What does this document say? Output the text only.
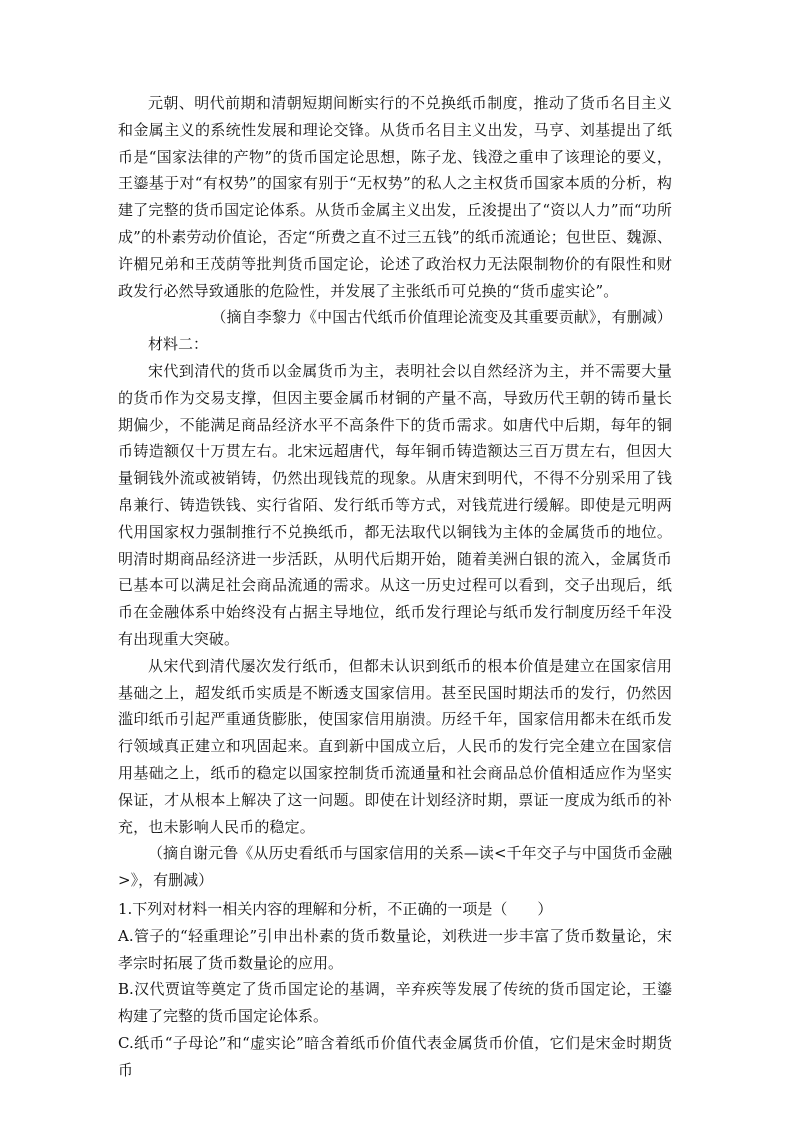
元朝、明代前期和清朝短期间断实行的不兑换纸币制度，推动了货币名目主义和金属主义的系统性发展和理论交锋。从货币名目主义出发，马亨、刘基提出了纸币是“国家法律的产物”的货币国定论思想，陈子龙、钱澄之重申了该理论的要义，王鎏基于对“有权势”的国家有别于“无权势”的私人之主权货币国家本质的分析，构建了完整的货币国定论体系。从货币金属主义出发，丘浚提出了“资以人力”而“功所成”的朴素劳动价值论，否定“所费之直不过三五钱”的纸币流通论；包世臣、魏源、许楣兄弟和王茂荫等批判货币国定论，论述了政治权力无法限制物价的有限性和财政发行必然导致通胀的危险性，并发展了主张纸币可兑换的“货币虚实论”。

（摘自李黎力《中国古代纸币价值理论流变及其重要贡献》，有删减）

材料二：

宋代到清代的货币以金属货币为主，表明社会以自然经济为主，并不需要大量的货币作为交易支撑，但因主要金属币材铜的产量不高，导致历代王朝的铸币量长期偏少，不能满足商品经济水平不高条件下的货币需求。如唐代中后期，每年的铜币铸造额仅十万贯左右。北宋远超唐代，每年铜币铸造额达三百万贯左右，但因大量铜钱外流或被销铸，仍然出现钱荒的现象。从唐宋到明代，不得不分别采用了钱帛兼行、铸造铁钱、实行省陌、发行纸币等方式，对钱荒进行缓解。即使是元明两代用国家权力强制推行不兑换纸币，都无法取代以铜钱为主体的金属货币的地位。明清时期商品经济进一步活跃，从明代后期开始，随着美洲白银的流入，金属货币已基本可以满足社会商品流通的需求。从这一历史过程可以看到，交子出现后，纸币在金融体系中始终没有占据主导地位，纸币发行理论与纸币发行制度历经千年没有出现重大突破。

从宋代到清代屡次发行纸币，但都未认识到纸币的根本价值是建立在国家信用基础之上，超发纸币实质是不断透支国家信用。甚至民国时期法币的发行，仍然因滥印纸币引起严重通货膨胀，使国家信用崩溃。历经千年，国家信用都未在纸币发行领域真正建立和巩固起来。直到新中国成立后，人民币的发行完全建立在国家信用基础之上，纸币的稳定以国家控制货币流通量和社会商品总价值相适应作为坚实保证，才从根本上解决了这一问题。即使在计划经济时期，票证一度成为纸币的补充，也未影响人民币的稳定。

（摘自谢元鲁《从历史看纸币与国家信用的关系—读<千年交子与中国货币金融>》，有删减）

1.下列对材料一相关内容的理解和分析，不正确的一项是（　　）

A.管子的“轻重理论”引申出朴素的货币数量论，刘秩进一步丰富了货币数量论，宋孝宗时拓展了货币数量论的应用。

B.汉代贾谊等奠定了货币国定论的基调，辛弃疾等发展了传统的货币国定论，王鎏构建了完整的货币国定论体系。

C.纸币“子母论”和“虚实论”暗含着纸币价值代表金属货币价值，它们是宋金时期货币
